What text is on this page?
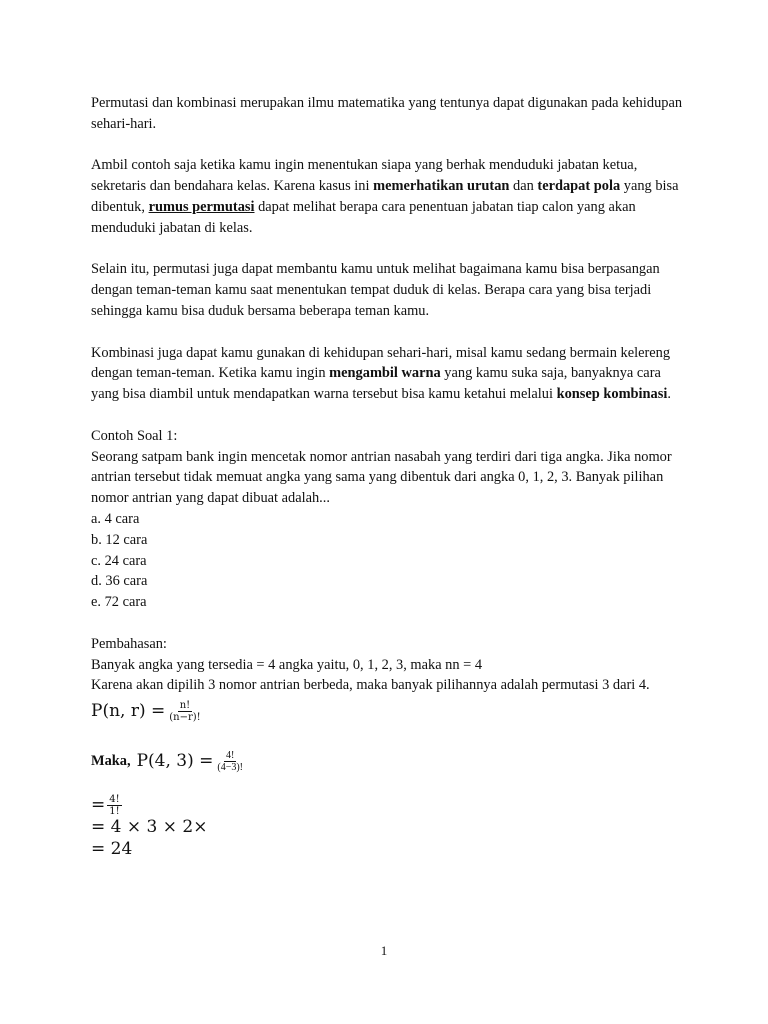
Permutasi dan kombinasi merupakan ilmu matematika yang tentunya dapat digunakan pada kehidupan sehari-hari.

Ambil contoh saja ketika kamu ingin menentukan siapa yang berhak menduduki jabatan ketua, sekretaris dan bendahara kelas. Karena kasus ini memerhatikan urutan dan terdapat pola yang bisa dibentuk, rumus permutasi dapat melihat berapa cara penentuan jabatan tiap calon yang akan menduduki jabatan di kelas.

Selain itu, permutasi juga dapat membantu kamu untuk melihat bagaimana kamu bisa berpasangan dengan teman-teman kamu saat menentukan tempat duduk di kelas. Berapa cara yang bisa terjadi sehingga kamu bisa duduk bersama beberapa teman kamu.

Kombinasi juga dapat kamu gunakan di kehidupan sehari-hari, misal kamu sedang bermain kelereng dengan teman-teman. Ketika kamu ingin mengambil warna yang kamu suka saja, banyaknya cara yang bisa diambil untuk mendapatkan warna tersebut bisa kamu ketahui melalui konsep kombinasi.

Contoh Soal 1:

Seorang satpam bank ingin mencetak nomor antrian nasabah yang terdiri dari tiga angka. Jika nomor antrian tersebut tidak memuat angka yang sama yang dibentuk dari angka 0, 1, 2, 3. Banyak pilihan nomor antrian yang dapat dibuat adalah...

a. 4 cara

b. 12 cara

c. 24 cara

d. 36 cara

e. 72 cara

Pembahasan:

Banyak angka yang tersedia = 4 angka yaitu, 0, 1, 2, 3, maka nn = 4

Karena akan dipilih 3 nomor antrian berbeda, maka banyak pilihannya adalah permutasi 3 dari 4.

P(n, $r) = \frac{n!}{(n-r)!}$
Maka, P(4, $3) = \frac{4!}{(4-3)!}$
= $\frac{4!}{1!}$
= 4 × 3 × 2×
= 24
1
